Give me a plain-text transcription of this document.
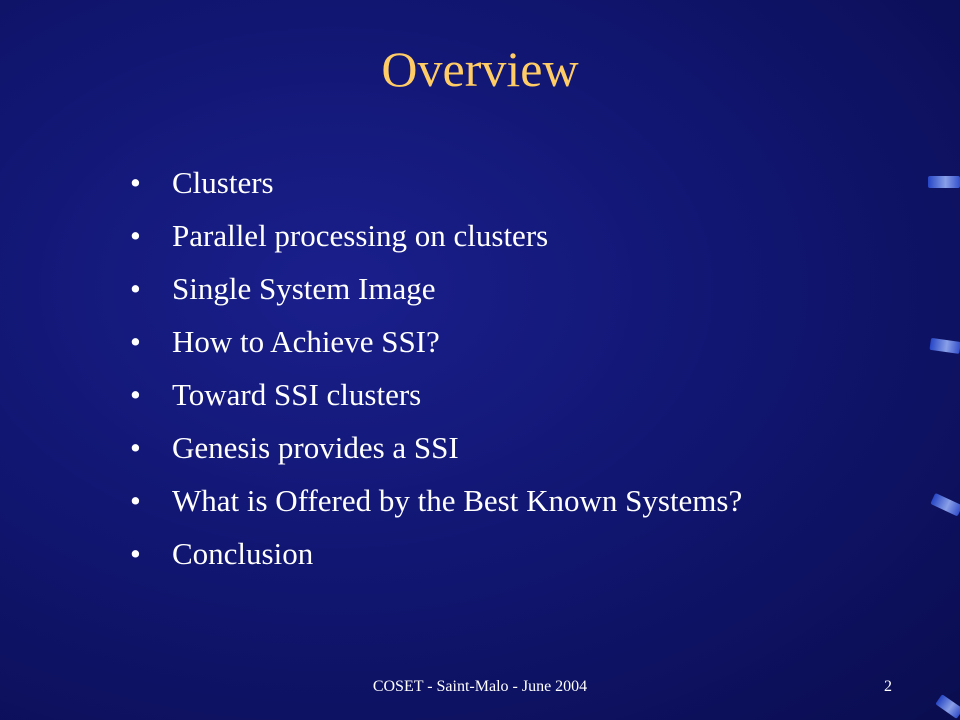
Overview
• Clusters
• Parallel processing on clusters
• Single System Image
• How to Achieve SSI?
• Toward SSI clusters
• Genesis provides a SSI
• What is Offered by the Best Known Systems?
• Conclusion
COSET - Saint-Malo - June 2004	2
